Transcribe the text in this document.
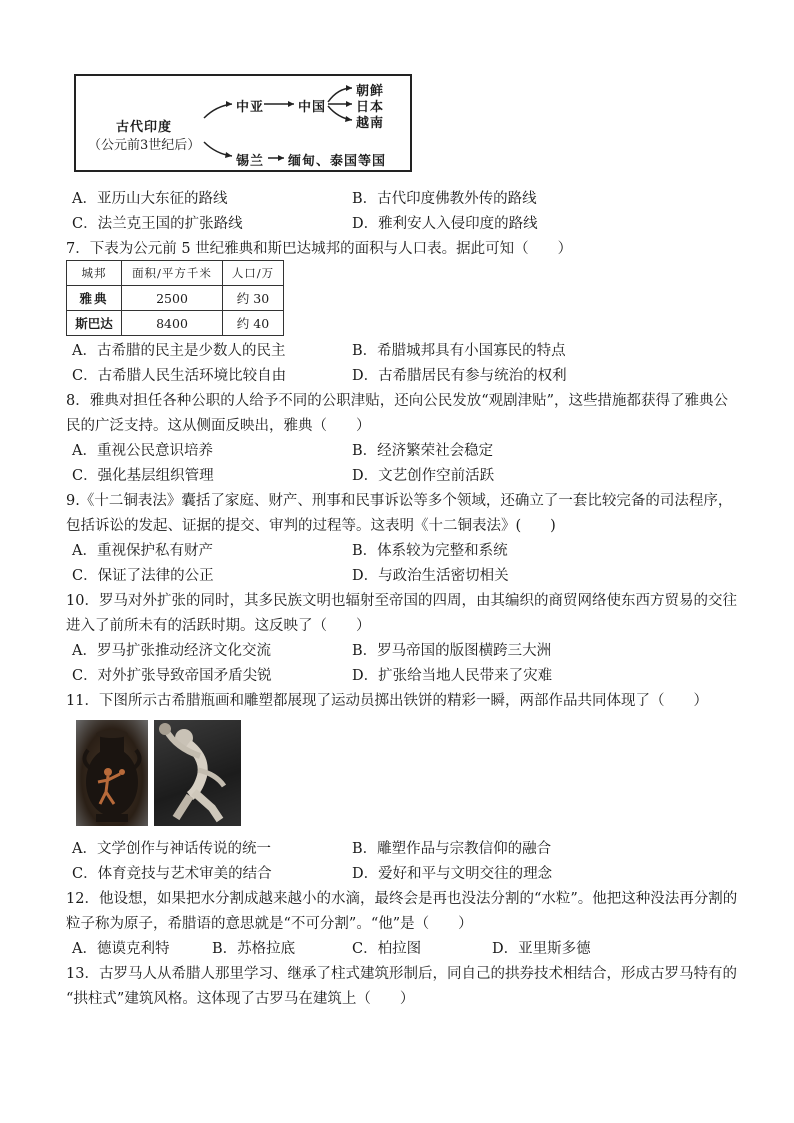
古代印度
（公元前3世纪后）
中亚	中国
朝鲜
日本
越南
锡兰 缅甸、泰国等国
A．亚历山大东征的路线	B．古代印度佛教外传的路线
C．法兰克王国的扩张路线	D．雅利安人入侵印度的路线
7．下表为公元前 5 世纪雅典和斯巴达城邦的面积与人口表。据此可知（　　）
城邦	面积/平方千米	人口/万
雅典	2500	约 30
斯巴达	8400	约 40
A．古希腊的民主是少数人的民主	B．希腊城邦具有小国寡民的特点
C．古希腊人民生活环境比较自由	D．古希腊居民有参与统治的权利
8．雅典对担任各种公职的人给予不同的公职津贴，还向公民发放“观剧津贴”，这些措施都获得了雅典公
民的广泛支持。这从侧面反映出，雅典（　　）
A．重视公民意识培养	B．经济繁荣社会稳定
C．强化基层组织管理	D．文艺创作空前活跃
9.《十二铜表法》囊括了家庭、财产、刑事和民事诉讼等多个领域，还确立了一套比较完备的司法程序，
包括诉讼的发起、证据的提交、审判的过程等。这表明《十二铜表法》(　　)
A．重视保护私有财产	B．体系较为完整和系统
C．保证了法律的公正	D．与政治生活密切相关
10．罗马对外扩张的同时，其多民族文明也辐射至帝国的四周，由其编织的商贸网络使东西方贸易的交往
进入了前所未有的活跃时期。这反映了（　　）
A．罗马扩张推动经济文化交流	B．罗马帝国的版图横跨三大洲
C．对外扩张导致帝国矛盾尖锐	D．扩张给当地人民带来了灾难
11．下图所示古希腊瓶画和雕塑都展现了运动员掷出铁饼的精彩一瞬，两部作品共同体现了（　　）
A．文学创作与神话传说的统一	B．雕塑作品与宗教信仰的融合
C．体育竞技与艺术审美的结合	D．爱好和平与文明交往的理念
12．他设想，如果把水分割成越来越小的水滴，最终会是再也没法分割的“水粒”。他把这种没法再分割的
粒子称为原子，希腊语的意思就是“不可分割”。“他”是（　　）
A．德谟克利特	B．苏格拉底	C．柏拉图	D．亚里斯多德
13．古罗马人从希腊人那里学习、继承了柱式建筑形制后，同自己的拱券技术相结合，形成古罗马特有的
“拱柱式”建筑风格。这体现了古罗马在建筑上（　　）
